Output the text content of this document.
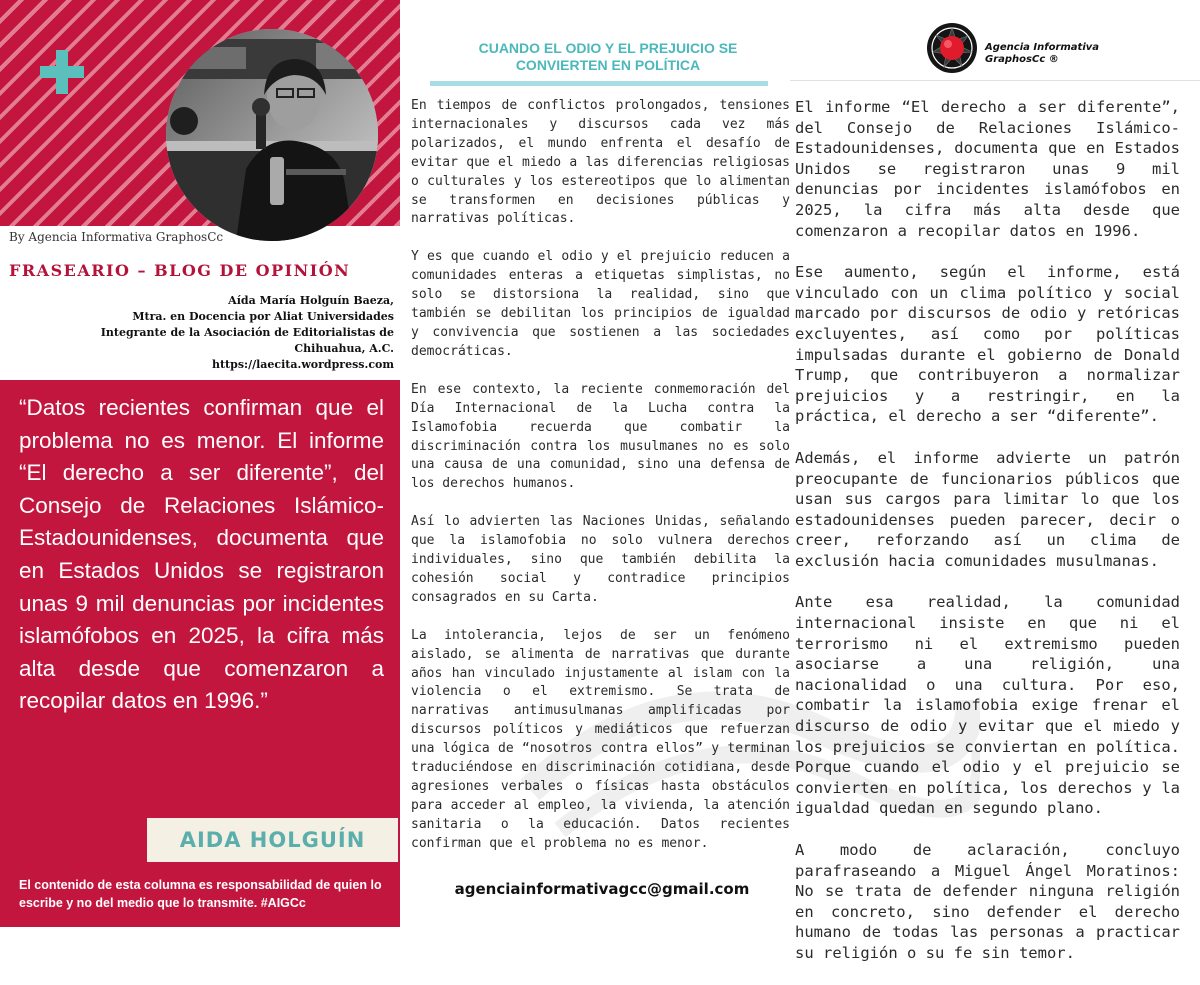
By Agencia Informativa GraphosCc
FRASEARIO – BLOG DE OPINIÓN
Aída María Holguín Baeza,
Mtra. en Docencia por Aliat Universidades
Integrante de la Asociación de Editorialistas de
Chihuahua, A.C.
https://laecita.wordpress.com
“Datos recientes confirman que el problema no es menor. El informe “El derecho a ser diferente”, del Consejo de Relaciones Islámico-Estadounidenses, documenta que en Estados Unidos se registraron unas 9 mil denuncias por incidentes islamófobos en 2025, la cifra más alta desde que comenzaron a recopilar datos en 1996.”
AIDA HOLGUÍN
El contenido de esta columna es responsabilidad de quien lo escribe y no del medio que lo transmite. #AIGCc
CUANDO EL ODIO Y EL PREJUICIO SE
CONVIERTEN EN POLÍTICA
Agencia Informativa
GraphosCc ®

En tiempos de conflictos prolongados, tensiones internacionales y discursos cada vez más polarizados, el mundo enfrenta el desafío de evitar que el miedo a las diferencias religiosas o culturales y los estereotipos que lo alimentan se transformen en decisiones públicas y narrativas políticas.

Y es que cuando el odio y el prejuicio reducen a comunidades enteras a etiquetas simplistas, no solo se distorsiona la realidad, sino que también se debilitan los principios de igualdad y convivencia que sostienen a las sociedades democráticas.

En ese contexto, la reciente conmemoración del Día Internacional de la Lucha contra la Islamofobia recuerda que combatir la discriminación contra los musulmanes no es solo una causa de una comunidad, sino una defensa de los derechos humanos.

Así lo advierten las Naciones Unidas, señalando que la islamofobia no solo vulnera derechos individuales, sino que también debilita la cohesión social y contradice principios consagrados en su Carta.

La intolerancia, lejos de ser un fenómeno aislado, se alimenta de narrativas que durante años han vinculado injustamente al islam con la violencia o el extremismo. Se trata de narrativas antimusulmanas amplificadas por discursos políticos y mediáticos que refuerzan una lógica de “nosotros contra ellos” y terminan traduciéndose en discriminación cotidiana, desde agresiones verbales o físicas hasta obstáculos para acceder al empleo, la vivienda, la atención sanitaria o la educación. Datos recientes confirman que el problema no es menor.

El informe “El derecho a ser diferente”, del Consejo de Relaciones Islámico-Estadounidenses, documenta que en Estados Unidos se registraron unas 9 mil denuncias por incidentes islamófobos en 2025, la cifra más alta desde que comenzaron a recopilar datos en 1996.

Ese aumento, según el informe, está vinculado con un clima político y social marcado por discursos de odio y retóricas excluyentes, así como por políticas impulsadas durante el gobierno de Donald Trump, que contribuyeron a normalizar prejuicios y a restringir, en la práctica, el derecho a ser “diferente”.

Además, el informe advierte un patrón preocupante de funcionarios públicos que usan sus cargos para limitar lo que los estadounidenses pueden parecer, decir o creer, reforzando así un clima de exclusión hacia comunidades musulmanas.

Ante esa realidad, la comunidad internacional insiste en que ni el terrorismo ni el extremismo pueden asociarse a una religión, una nacionalidad o una cultura. Por eso, combatir la islamofobia exige frenar el discurso de odio y evitar que el miedo y los prejuicios se conviertan en política. Porque cuando el odio y el prejuicio se convierten en política, los derechos y la igualdad quedan en segundo plano.

A modo de aclaración, concluyo parafraseando a Miguel Ángel Moratinos: No se trata de defender ninguna religión en concreto, sino defender el derecho humano de todas las personas a practicar su religión o su fe sin temor.

agenciainformativagcc@gmail.com
